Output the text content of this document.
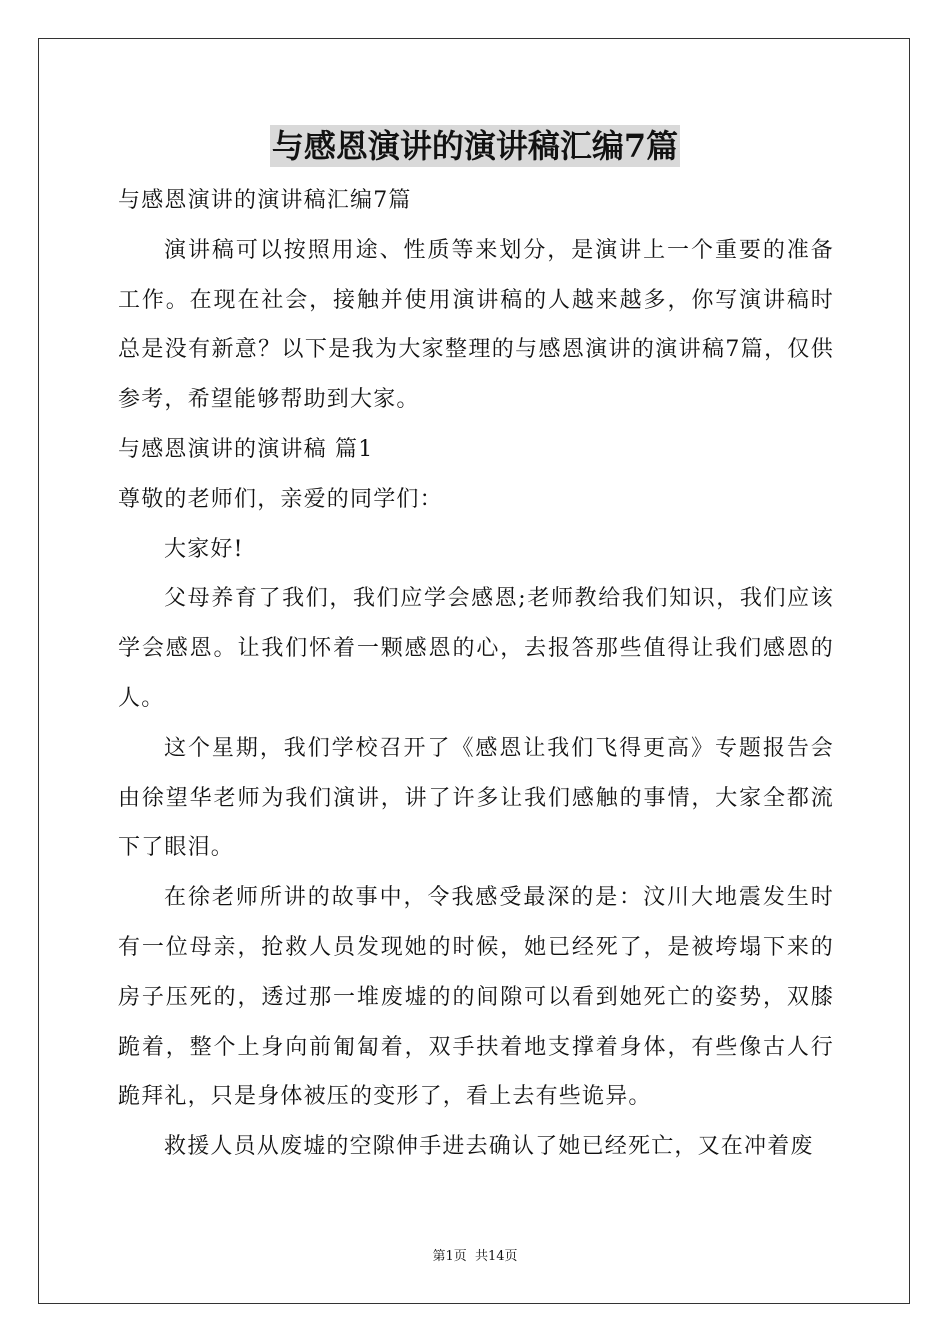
与感恩演讲的演讲稿汇编7篇

与感恩演讲的演讲稿汇编7篇

演讲稿可以按照用途、性质等来划分，是演讲上一个重要的准备工作。在现在社会，接触并使用演讲稿的人越来越多，你写演讲稿时总是没有新意？以下是我为大家整理的与感恩演讲的演讲稿7篇，仅供参考，希望能够帮助到大家。

与感恩演讲的演讲稿 篇1

尊敬的老师们，亲爱的同学们：

大家好!

父母养育了我们，我们应学会感恩;老师教给我们知识，我们应该学会感恩。让我们怀着一颗感恩的心，去报答那些值得让我们感恩的人。

这个星期，我们学校召开了《感恩让我们飞得更高》专题报告会由徐望华老师为我们演讲，讲了许多让我们感触的事情，大家全都流下了眼泪。

在徐老师所讲的故事中，令我感受最深的是：汶川大地震发生时有一位母亲，抢救人员发现她的时候，她已经死了，是被垮塌下来的房子压死的，透过那一堆废墟的的间隙可以看到她死亡的姿势，双膝跪着，整个上身向前匍匐着，双手扶着地支撑着身体，有些像古人行跪拜礼，只是身体被压的变形了，看上去有些诡异。

救援人员从废墟的空隙伸手进去确认了她已经死亡，又在冲着废

第1页 共14页
